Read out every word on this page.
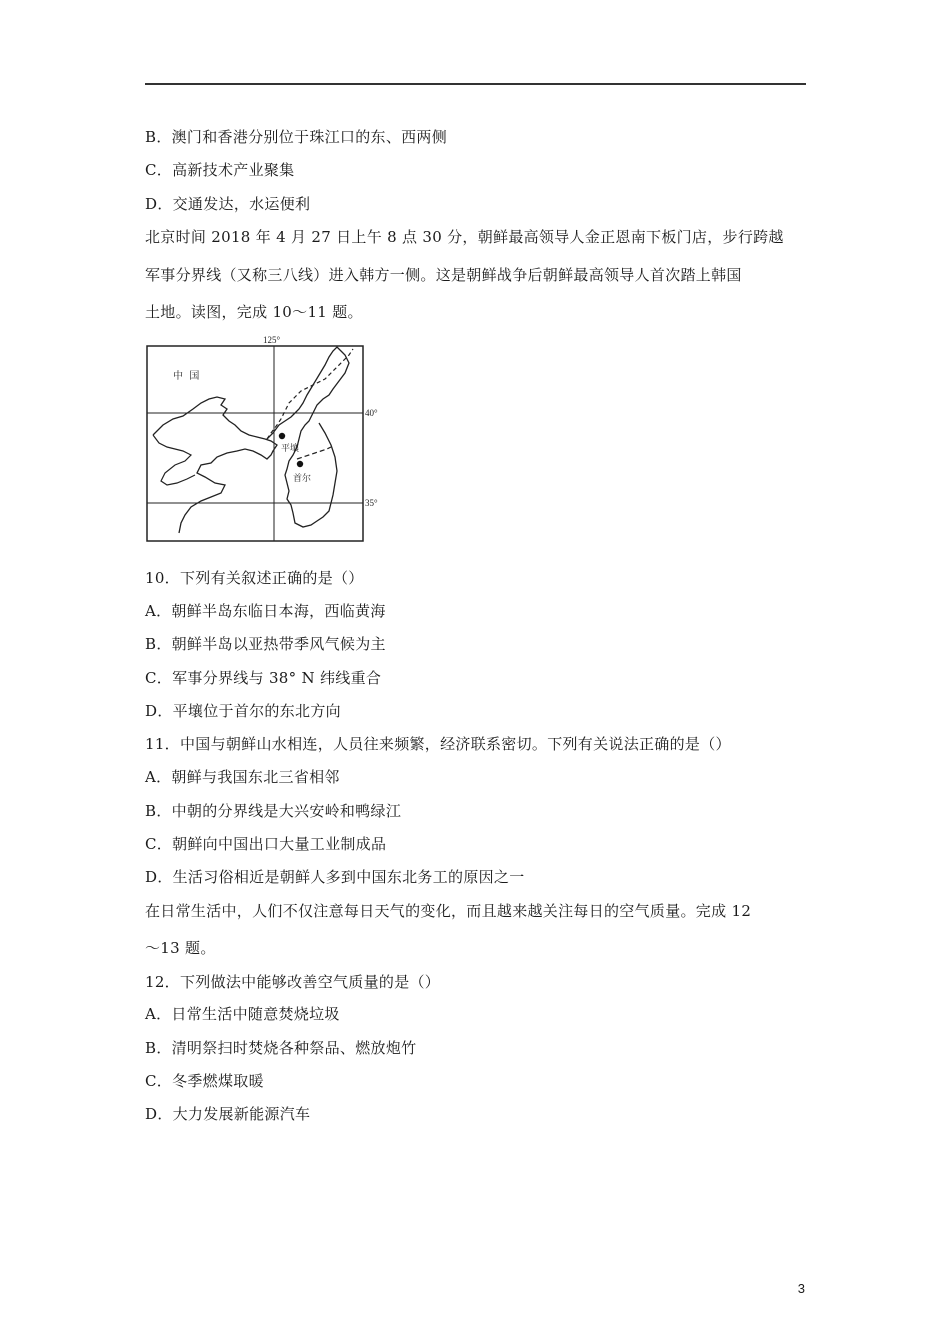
B．澳门和香港分别位于珠江口的东、西两侧
C．高新技术产业聚集
D．交通发达，水运便利
北京时间 2018 年 4 月 27 日上午 8 点 30 分，朝鲜最高领导人金正恩南下板门店，步行跨越
军事分界线（又称三八线）进入韩方一侧。这是朝鲜战争后朝鲜最高领导人首次踏上韩国
土地。读图，完成 10～11 题。
125°
40°
35°
中  国
平壤
首尔
10．下列有关叙述正确的是（）
A．朝鲜半岛东临日本海，西临黄海
B．朝鲜半岛以亚热带季风气候为主
C．军事分界线与 38° N 纬线重合
D．平壤位于首尔的东北方向
11．中国与朝鲜山水相连，人员往来频繁，经济联系密切。下列有关说法正确的是（）
A．朝鲜与我国东北三省相邻
B．中朝的分界线是大兴安岭和鸭绿江
C．朝鲜向中国出口大量工业制成品
D．生活习俗相近是朝鲜人多到中国东北务工的原因之一
在日常生活中，人们不仅注意每日天气的变化，而且越来越关注每日的空气质量。完成 12
～13 题。
12．下列做法中能够改善空气质量的是（）
A．日常生活中随意焚烧垃圾
B．清明祭扫时焚烧各种祭品、燃放炮竹
C．冬季燃煤取暖
D．大力发展新能源汽车
3
